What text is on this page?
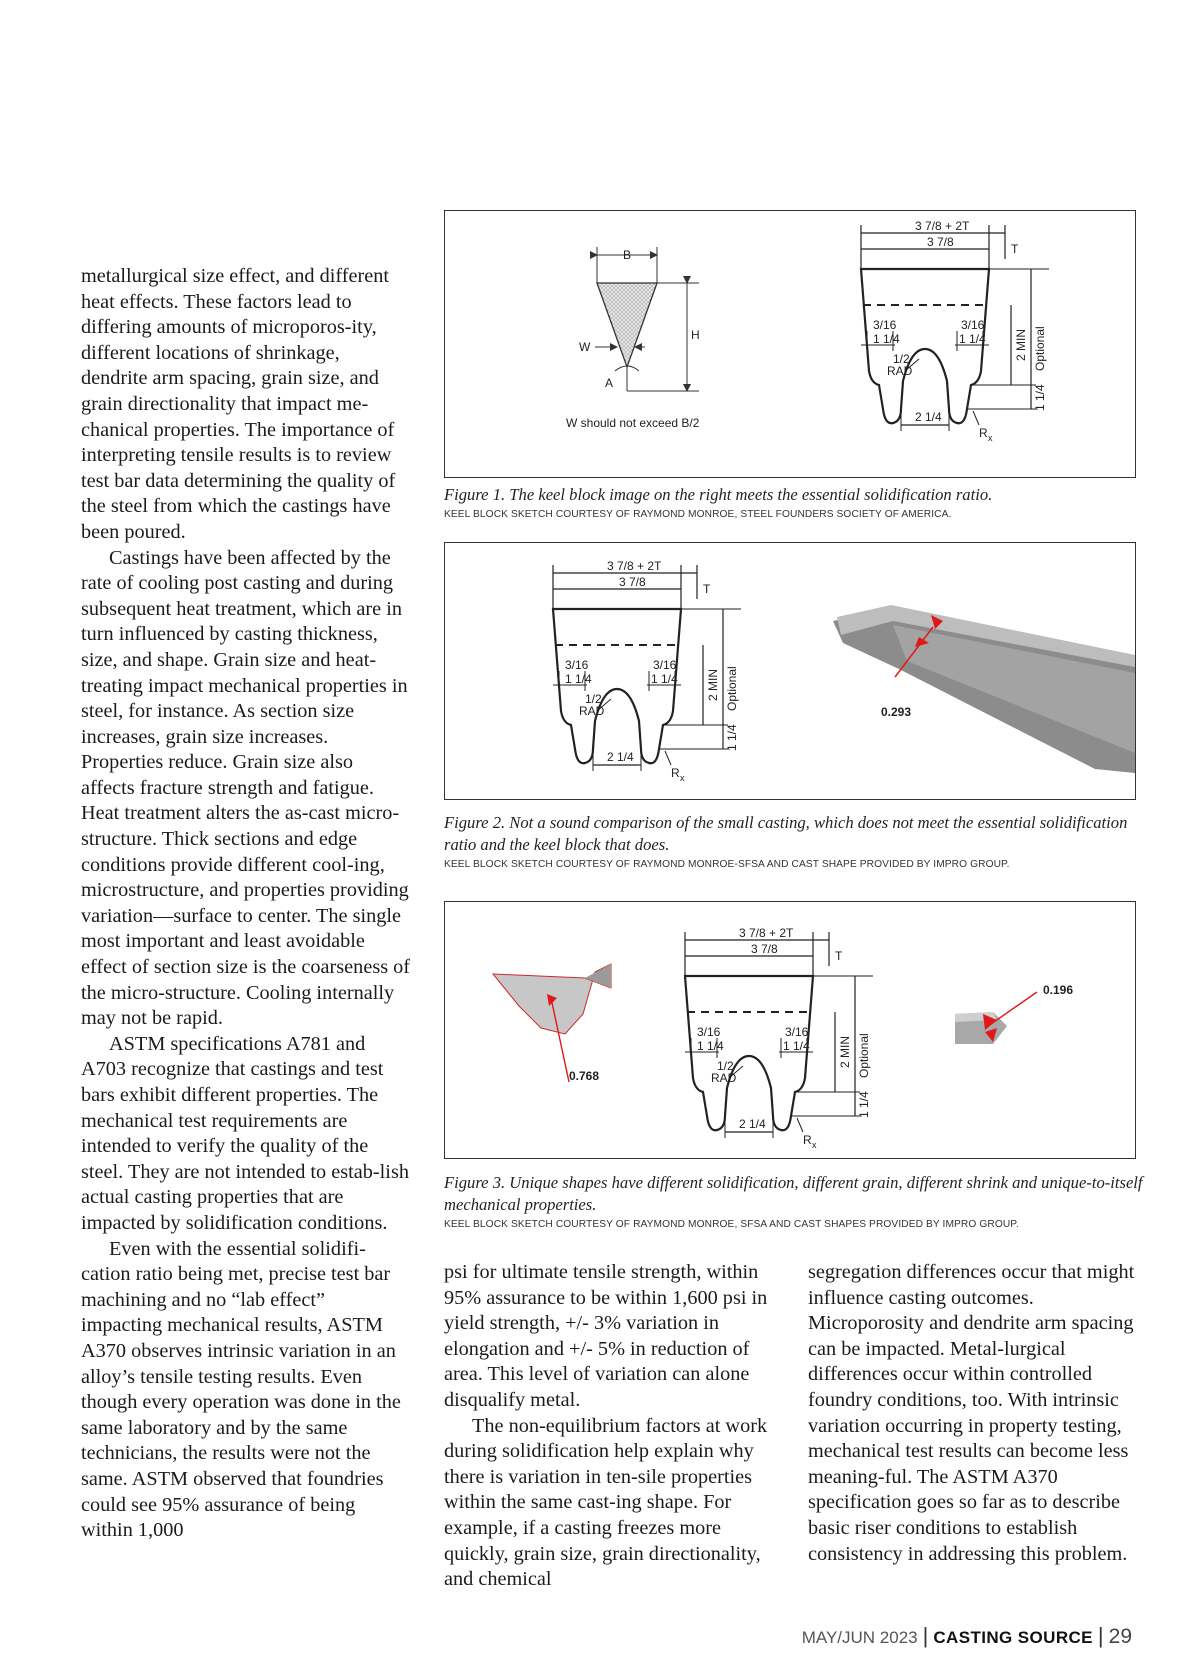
metallurgical size effect, and different heat effects. These factors lead to differing amounts of microporos-ity, different locations of shrinkage, dendrite arm spacing, grain size, and grain directionality that impact me-chanical properties. The importance of interpreting tensile results is to review test bar data determining the quality of the steel from which the castings have been poured.

Castings have been affected by the rate of cooling post casting and during subsequent heat treatment, which are in turn influenced by casting thickness, size, and shape. Grain size and heat-treating impact mechanical properties in steel, for instance. As section size increases, grain size increases. Properties reduce. Grain size also affects fracture strength and fatigue. Heat treatment alters the as-cast micro-structure. Thick sections and edge conditions provide different cool-ing, microstructure, and properties providing variation—surface to center. The single most important and least avoidable effect of section size is the coarseness of the micro-structure. Cooling internally may not be rapid.

ASTM specifications A781 and A703 recognize that castings and test bars exhibit different properties. The mechanical test requirements are intended to verify the quality of the steel. They are not intended to estab-lish actual casting properties that are impacted by solidification conditions.

Even with the essential solidifi-cation ratio being met, precise test bar machining and no “lab effect” impacting mechanical results, ASTM A370 observes intrinsic variation in an alloy’s tensile testing results. Even though every operation was done in the same laboratory and by the same technicians, the results were not the same. ASTM observed that foundries could see 95% assurance of being within 1,000

B
H
W
A
W should not exceed B/2
3 7/8 + 2T
3 7/8	T
3/16	3/16
1 1/4	1 1/4
1/2
RAD
2 MIN Optional
1 1/4
2 1/4
R x

Figure 1. The keel block image on the right meets the essential solidification ratio.

KEEL BLOCK SKETCH COURTESY OF RAYMOND MONROE, STEEL FOUNDERS SOCIETY OF AMERICA.
3 7/8 + 2T
3 7/8	T
3/16	3/16
1 1/4	1 1/4
1/2
RAD
2 MIN Optional
1 1/4
2 1/4
R x
0.293

Figure 2. Not a sound comparison of the small casting, which does not meet the essential solidification ratio and the keel block that does.

KEEL BLOCK SKETCH COURTESY OF RAYMOND MONROE-SFSA AND CAST SHAPE PROVIDED BY IMPRO GROUP.
0.768
3 7/8 + 2T
3 7/8	T
3/16	3/16
1 1/4	1 1/4
1/2
RAD
2 MIN Optional
1 1/4
2 1/4
R x
0.196

Figure 3. Unique shapes have different solidification, different grain, different shrink and unique-to-itself mechanical properties.

KEEL BLOCK SKETCH COURTESY OF RAYMOND MONROE, SFSA AND CAST SHAPES PROVIDED BY IMPRO GROUP.

psi for ultimate tensile strength, within 95% assurance to be within 1,600 psi in yield strength, +/- 3% variation in elongation and +/- 5% in reduction of area. This level of variation can alone disqualify metal.

The non-equilibrium factors at work during solidification help explain why there is variation in ten-sile properties within the same cast-ing shape. For example, if a casting freezes more quickly, grain size, grain directionality, and chemical

segregation differences occur that might influence casting outcomes. Microporosity and dendrite arm spacing can be impacted. Metal-lurgical differences occur within controlled foundry conditions, too. With intrinsic variation occurring in property testing, mechanical test results can become less meaning-ful. The ASTM A370 specification goes so far as to describe basic riser conditions to establish consistency in addressing this problem.

MAY/JUN 2023 | CASTING SOURCE | 29
